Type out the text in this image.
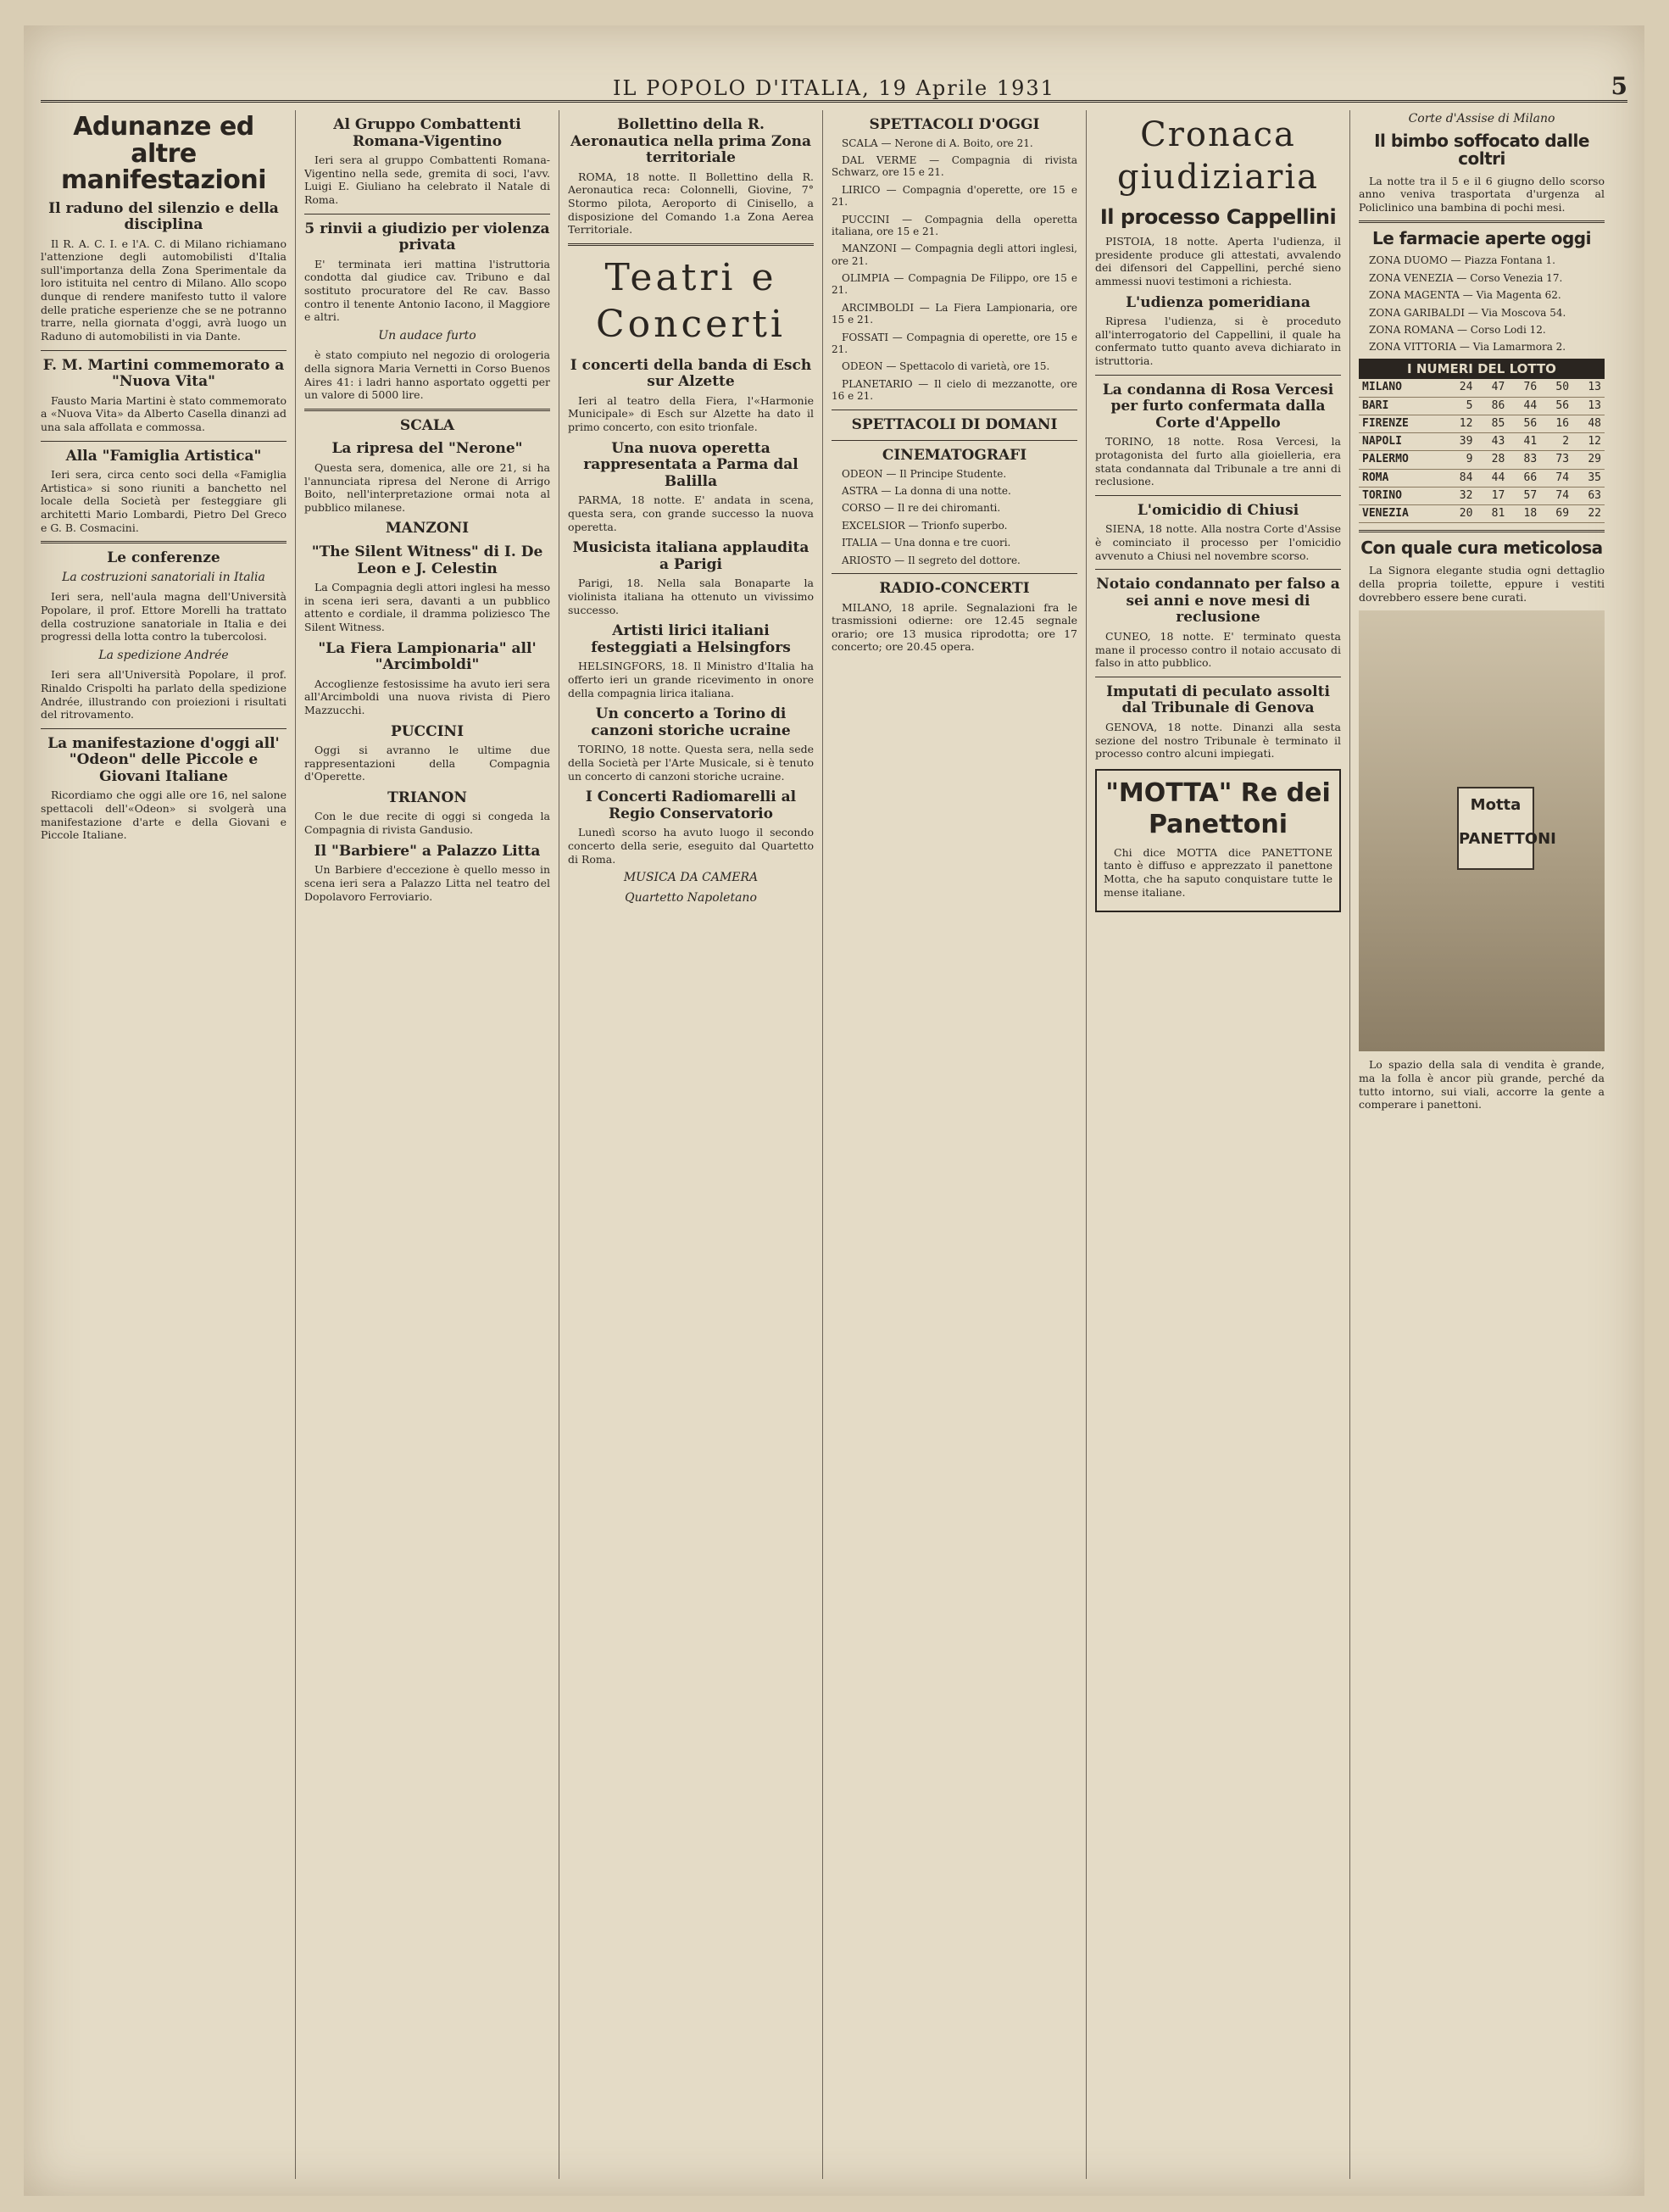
IL POPOLO D'ITALIA, 19 Aprile 1931	5
Adunanze ed altre manifestazioni
Il raduno del silenzio e della disciplina

Il R. A. C. I. e l'A. C. di Milano richiamano l'attenzione degli automobilisti d'Italia sull'importanza della Zona Sperimentale da loro istituita nel centro di Milano. Allo scopo dunque di rendere manifesto tutto il valore delle pratiche esperienze che se ne potranno trarre, nella giornata d'oggi, avrà luogo un Raduno di automobilisti in via Dante.

F. M. Martini commemorato a "Nuova Vita"

Fausto Maria Martini è stato commemorato a «Nuova Vita» da Alberto Casella dinanzi ad una sala affollata e commossa.

Alla "Famiglia Artistica"

Ieri sera, circa cento soci della «Famiglia Artistica» si sono riuniti a banchetto nel locale della Società per festeggiare gli architetti Mario Lombardi, Pietro Del Greco e G. B. Cosmacini.

Le conferenze
La costruzioni sanatoriali in Italia

Ieri sera, nell'aula magna dell'Università Popolare, il prof. Ettore Morelli ha trattato della costruzione sanatoriale in Italia e dei progressi della lotta contro la tubercolosi.

La spedizione Andrée

Ieri sera all'Università Popolare, il prof. Rinaldo Crispolti ha parlato della spedizione Andrée, illustrando con proiezioni i risultati del ritrovamento.

La manifestazione d'oggi all' "Odeon" delle Piccole e Giovani Italiane

Ricordiamo che oggi alle ore 16, nel salone spettacoli dell'«Odeon» si svolgerà una manifestazione d'arte e della Giovani e Piccole Italiane.

Al Gruppo Combattenti Romana-Vigentino

Ieri sera al gruppo Combattenti Romana-Vigentino nella sede, gremita di soci, l'avv. Luigi E. Giuliano ha celebrato il Natale di Roma.

5 rinvii a giudizio per violenza privata

E' terminata ieri mattina l'istruttoria condotta dal giudice cav. Tribuno e dal sostituto procuratore del Re cav. Basso contro il tenente Antonio Iacono, il Maggiore e altri.

Un audace furto

è stato compiuto nel negozio di orologeria della signora Maria Vernetti in Corso Buenos Aires 41: i ladri hanno asportato oggetti per un valore di 5000 lire.

SCALA
La ripresa del "Nerone"

Questa sera, domenica, alle ore 21, si ha l'annunciata ripresa del Nerone di Arrigo Boito, nell'interpretazione ormai nota al pubblico milanese.

MANZONI
"The Silent Witness" di I. De Leon e J. Celestin

La Compagnia degli attori inglesi ha messo in scena ieri sera, davanti a un pubblico attento e cordiale, il dramma poliziesco The Silent Witness.

"La Fiera Lampionaria" all' "Arcimboldi"

Accoglienze festosissime ha avuto ieri sera all'Arcimboldi una nuova rivista di Piero Mazzucchi.

PUCCINI

Oggi si avranno le ultime due rappresentazioni della Compagnia d'Operette.

TRIANON

Con le due recite di oggi si congeda la Compagnia di rivista Gandusio.

Il "Barbiere" a Palazzo Litta

Un Barbiere d'eccezione è quello messo in scena ieri sera a Palazzo Litta nel teatro del Dopolavoro Ferroviario.

Bollettino della R. Aeronautica nella prima Zona territoriale

ROMA, 18 notte. Il Bollettino della R. Aeronautica reca: Colonnelli, Giovine, 7° Stormo pilota, Aeroporto di Cinisello, a disposizione del Comando 1.a Zona Aerea Territoriale.

Teatri e Concerti
I concerti della banda di Esch sur Alzette

Ieri al teatro della Fiera, l'«Harmonie Municipale» di Esch sur Alzette ha dato il primo concerto, con esito trionfale.

Una nuova operetta rappresentata a Parma dal Balilla

PARMA, 18 notte. E' andata in scena, questa sera, con grande successo la nuova operetta.

Musicista italiana applaudita a Parigi

Parigi, 18. Nella sala Bonaparte la violinista italiana ha ottenuto un vivissimo successo.

Artisti lirici italiani festeggiati a Helsingfors

HELSINGFORS, 18. Il Ministro d'Italia ha offerto ieri un grande ricevimento in onore della compagnia lirica italiana.

Un concerto a Torino di canzoni storiche ucraine

TORINO, 18 notte. Questa sera, nella sede della Società per l'Arte Musicale, si è tenuto un concerto di canzoni storiche ucraine.

I Concerti Radiomarelli al Regio Conservatorio

Lunedì scorso ha avuto luogo il secondo concerto della serie, eseguito dal Quartetto di Roma.

MUSICA DA CAMERA
Quartetto Napoletano
SPETTACOLI D'OGGI

SCALA — Nerone di A. Boito, ore 21.

DAL VERME — Compagnia di rivista Schwarz, ore 15 e 21.

LIRICO — Compagnia d'operette, ore 15 e 21.

PUCCINI — Compagnia della operetta italiana, ore 15 e 21.

MANZONI — Compagnia degli attori inglesi, ore 21.

OLIMPIA — Compagnia De Filippo, ore 15 e 21.

ARCIMBOLDI — La Fiera Lampionaria, ore 15 e 21.

FOSSATI — Compagnia di operette, ore 15 e 21.

ODEON — Spettacolo di varietà, ore 15.

PLANETARIO — Il cielo di mezzanotte, ore 16 e 21.

SPETTACOLI DI DOMANI
CINEMATOGRAFI

ODEON — Il Principe Studente.

ASTRA — La donna di una notte.

CORSO — Il re dei chiromanti.

EXCELSIOR — Trionfo superbo.

ITALIA — Una donna e tre cuori.

ARIOSTO — Il segreto del dottore.

RADIO-CONCERTI

MILANO, 18 aprile. Segnalazioni fra le trasmissioni odierne: ore 12.45 segnale orario; ore 13 musica riprodotta; ore 17 concerto; ore 20.45 opera.

Cronaca giudiziaria
Il processo Cappellini

PISTOIA, 18 notte. Aperta l'udienza, il presidente produce gli attestati, avvalendo dei difensori del Cappellini, perché sieno ammessi nuovi testimoni a richiesta.

L'udienza pomeridiana

Ripresa l'udienza, si è proceduto all'interrogatorio del Cappellini, il quale ha confermato tutto quanto aveva dichiarato in istruttoria.

La condanna di Rosa Vercesi per furto confermata dalla Corte d'Appello

TORINO, 18 notte. Rosa Vercesi, la protagonista del furto alla gioielleria, era stata condannata dal Tribunale a tre anni di reclusione.

L'omicidio di Chiusi

SIENA, 18 notte. Alla nostra Corte d'Assise è cominciato il processo per l'omicidio avvenuto a Chiusi nel novembre scorso.

Notaio condannato per falso a sei anni e nove mesi di reclusione

CUNEO, 18 notte. E' terminato questa mane il processo contro il notaio accusato di falso in atto pubblico.

Imputati di peculato assolti dal Tribunale di Genova

GENOVA, 18 notte. Dinanzi alla sesta sezione del nostro Tribunale è terminato il processo contro alcuni impiegati.

"MOTTA" Re dei Panettoni

Chi dice MOTTA dice PANETTONE tanto è diffuso e apprezzato il panettone Motta, che ha saputo conquistare tutte le mense italiane.

Corte d'Assise di Milano
Il bimbo soffocato dalle coltri

La notte tra il 5 e il 6 giugno dello scorso anno veniva trasportata d'urgenza al Policlinico una bambina di pochi mesi.

Le farmacie aperte oggi

ZONA DUOMO — Piazza Fontana 1.

ZONA VENEZIA — Corso Venezia 17.

ZONA MAGENTA — Via Magenta 62.

ZONA GARIBALDI — Via Moscova 54.

ZONA ROMANA — Corso Lodi 12.

ZONA VITTORIA — Via Lamarmora 2.

I NUMERI DEL LOTTO
MILANO	24	47	76	50	13
BARI	5	86	44	56	13
FIRENZE	12	85	56	16	48
NAPOLI	39	43	41	2	12
PALERMO	9	28	83	73	29
ROMA	84	44	66	74	35
TORINO	32	17	57	74	63
VENEZIA	20	81	18	69	22
Con quale cura meticolosa

La Signora elegante studia ogni dettaglio della propria toilette, eppure i vestiti dovrebbero essere bene curati.

Motta PANETTONI

Lo spazio della sala di vendita è grande, ma la folla è ancor più grande, perché da tutto intorno, sui viali, accorre la gente a comperare i panettoni.
